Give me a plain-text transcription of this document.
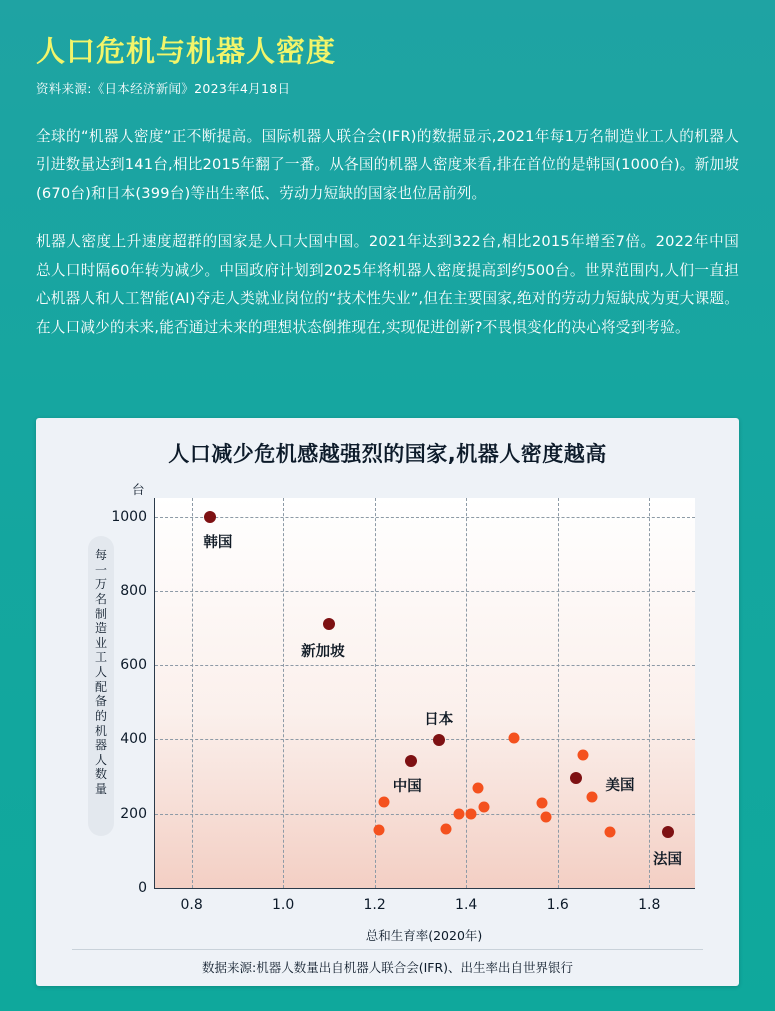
人口危机与机器人密度
资料来源:《日本经济新闻》2023年4月18日

全球的“机器人密度”正不断提高。国际机器人联合会(IFR)的数据显示,2021年每1万名制造业工人的机器人引进数量达到141台,相比2015年翻了一番。从各国的机器人密度来看,排在首位的是韩国(1000台)。新加坡(670台)和日本(399台)等出生率低、劳动力短缺的国家也位居前列。

机器人密度上升速度超群的国家是人口大国中国。2021年达到322台,相比2015年增至7倍。2022年中国总人口时隔60年转为减少。中国政府计划到2025年将机器人密度提高到约500台。世界范围内,人们一直担心机器人和人工智能(AI)夺走人类就业岗位的“技术性失业”,但在主要国家,绝对的劳动力短缺成为更大课题。在人口减少的未来,能否通过未来的理想状态倒推现在,实现促进创新?不畏惧变化的决心将受到考验。

人口减少危机感越强烈的国家,机器人密度越高
台
每一万名制造业工人配备的机器人数量
0
200
400
600
800
1000
0.8	1.0	1.2	1.4	1.6	1.8
韩国
新加坡
日本
中国	美国
法国
总和生育率(2020年)
数据来源:机器人数量出自机器人联合会(IFR)、出生率出自世界银行
